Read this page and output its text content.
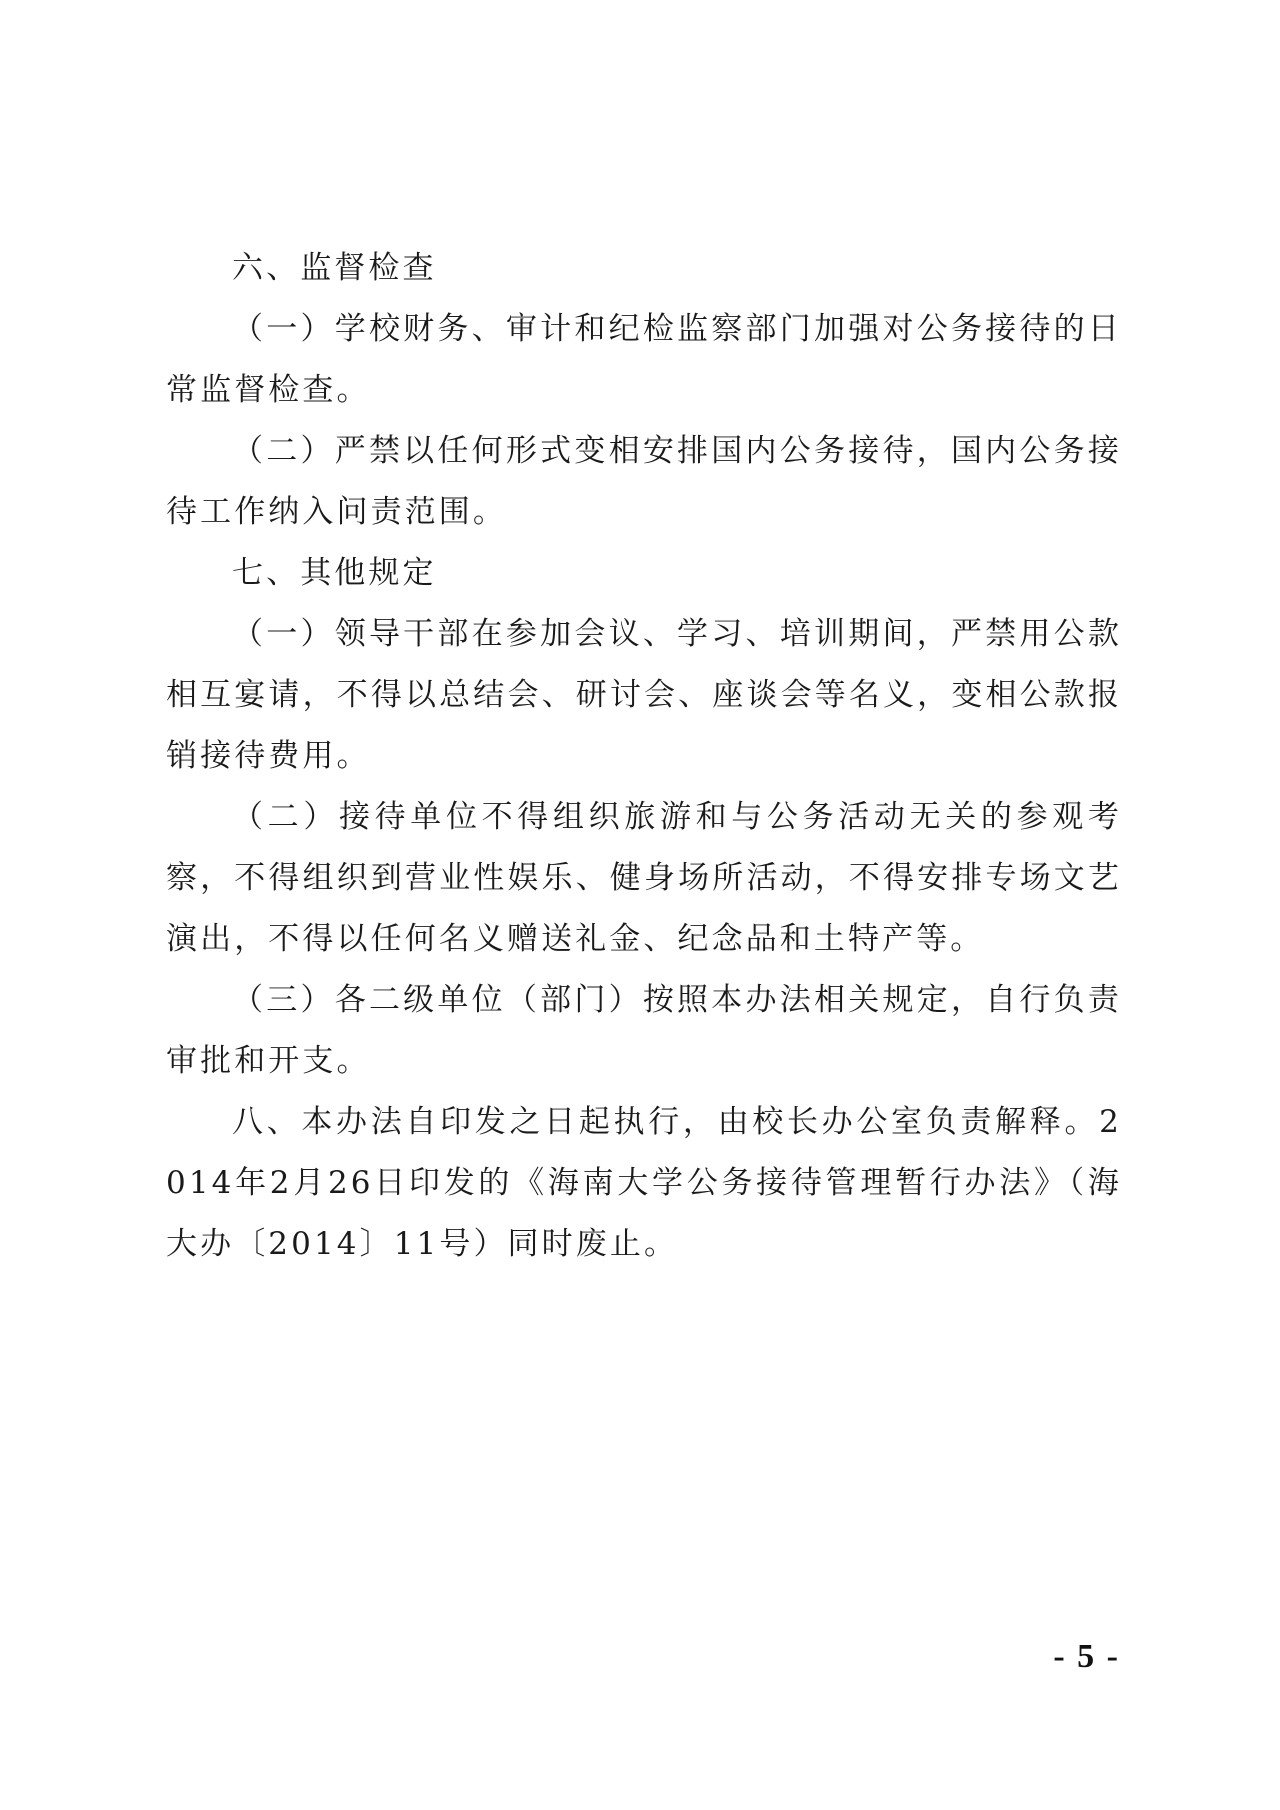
六、监督检查

（一）学校财务、审计和纪检监察部门加强对公务接待的日常监督检查。

（二）严禁以任何形式变相安排国内公务接待，国内公务接待工作纳入问责范围。

七、其他规定

（一）领导干部在参加会议、学习、培训期间，严禁用公款相互宴请，不得以总结会、研讨会、座谈会等名义，变相公款报销接待费用。

（二）接待单位不得组织旅游和与公务活动无关的参观考察，不得组织到营业性娱乐、健身场所活动，不得安排专场文艺演出，不得以任何名义赠送礼金、纪念品和土特产等。

（三）各二级单位（部门）按照本办法相关规定，自行负责审批和开支。

八、本办法自印发之日起执行，由校长办公室负责解释。2014年2月26日印发的《海南大学公务接待管理暂行办法》（海大办〔2014〕11号）同时废止。

- 5 -
